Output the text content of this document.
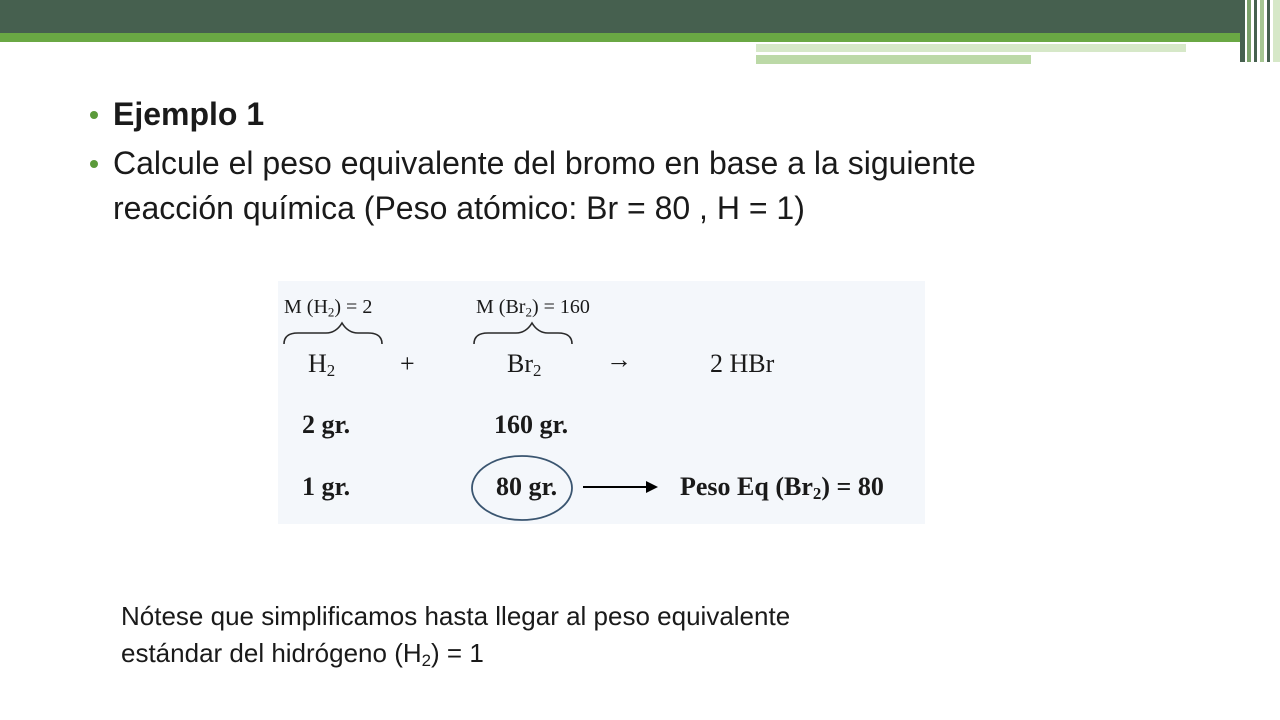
Ejemplo 1
Calcule el peso equivalente del bromo en base a la siguiente
reacción química (Peso atómico: Br = 80 , H = 1)
M $(H_2) = 2$	M $(Br_2) = 160$
$H_2$ +	$Br_2$ →	2 HBr
2 gr.	160 gr.
1 gr.	80 gr.	Peso Eq $(Br_2) = 80$
Nótese que simplificamos hasta llegar al peso equivalente
estándar del hidrógeno $(H_2) = 1$
